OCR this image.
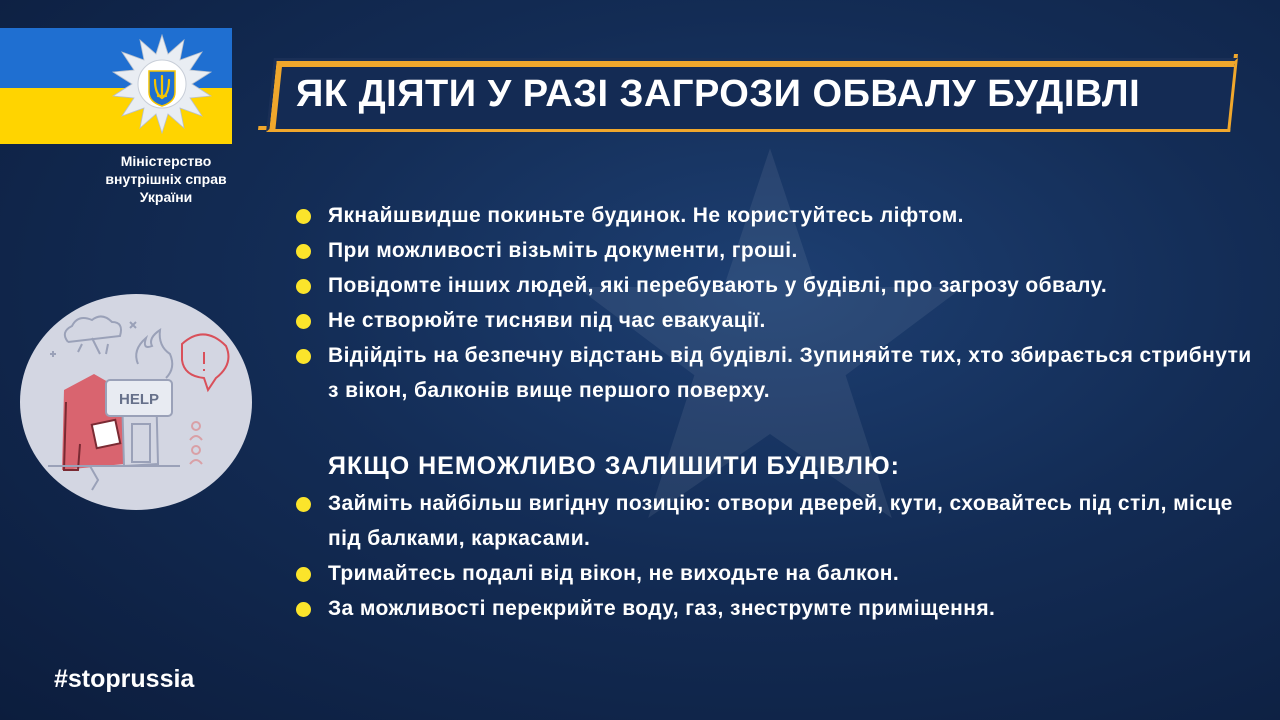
Міністерство
внутрішніх справ
України
ЯК ДІЯТИ У РАЗІ ЗАГРОЗИ ОБВАЛУ БУДІВЛІ
HELP
Якнайшвидше покиньте будинок. Не користуйтесь ліфтом.
При можливості візьміть документи, гроші.
Повідомте інших людей, які перебувають у будівлі, про загрозу обвалу.
Не створюйте тисняви під час евакуації.
Відійдіть на безпечну відстань від будівлі. Зупиняйте тих, хто збирається стрибнути з вікон, балконів вище першого поверху.
ЯКЩО НЕМОЖЛИВО ЗАЛИШИТИ БУДІВЛЮ:
Займіть найбільш вигідну позицію: отвори дверей, кути, сховайтесь під стіл, місце під балками, каркасами.
Тримайтесь подалі від вікон, не виходьте на балкон.
За можливості перекрийте воду, газ, знеструмте приміщення.
#stoprussia
